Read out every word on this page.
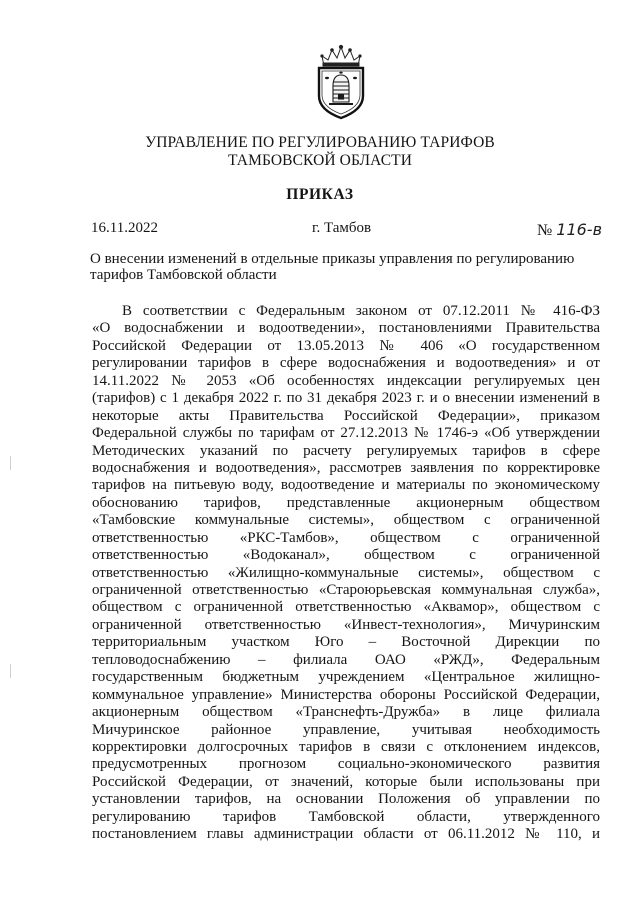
УПРАВЛЕНИЕ ПО РЕГУЛИРОВАНИЮ ТАРИФОВ
ТАМБОВСКОЙ ОБЛАСТИ
ПРИКАЗ
16.11.2022	г. Тамбов	№ 116-в
О внесении изменений в отдельные приказы управления по регулированию
тарифов Тамбовской области
В соответствии с Федеральным законом от 07.12.2011 № 416-ФЗ
«О водоснабжении и водоотведении», постановлениями Правительства
Российской Федерации от 13.05.2013 № 406 «О государственном
регулировании тарифов в сфере водоснабжения и водоотведения» и от
14.11.2022 № 2053 «Об особенностях индексации регулируемых цен
(тарифов) с 1 декабря 2022 г. по 31 декабря 2023 г. и о внесении изменений в
некоторые акты Правительства Российской Федерации», приказом
Федеральной службы по тарифам от 27.12.2013 № 1746-э «Об утверждении
Методических указаний по расчету регулируемых тарифов в сфере
водоснабжения и водоотведения», рассмотрев заявления по корректировке
тарифов на питьевую воду, водоотведение и материалы по экономическому
обоснованию тарифов, представленные акционерным обществом
«Тамбовские коммунальные системы», обществом с ограниченной
ответственностью «РКС-Тамбов», обществом с ограниченной
ответственностью «Водоканал», обществом с ограниченной
ответственностью «Жилищно-коммунальные системы», обществом с
ограниченной ответственностью «Староюрьевская коммунальная служба»,
обществом с ограниченной ответственностью «Аквамор», обществом с
ограниченной ответственностью «Инвест-технология», Мичуринским
территориальным участком Юго – Восточной Дирекции по
тепловодоснабжению – филиала ОАО «РЖД», Федеральным
государственным бюджетным учреждением «Центральное жилищно-
коммунальное управление» Министерства обороны Российской Федерации,
акционерным обществом «Транснефть-Дружба» в лице филиала
Мичуринское районное управление, учитывая необходимость
корректировки долгосрочных тарифов в связи с отклонением индексов,
предусмотренных прогнозом социально-экономического развития
Российской Федерации, от значений, которые были использованы при
установлении тарифов, на основании Положения об управлении по
регулированию тарифов Тамбовской области, утвержденного
постановлением главы администрации области от 06.11.2012 № 110, и
